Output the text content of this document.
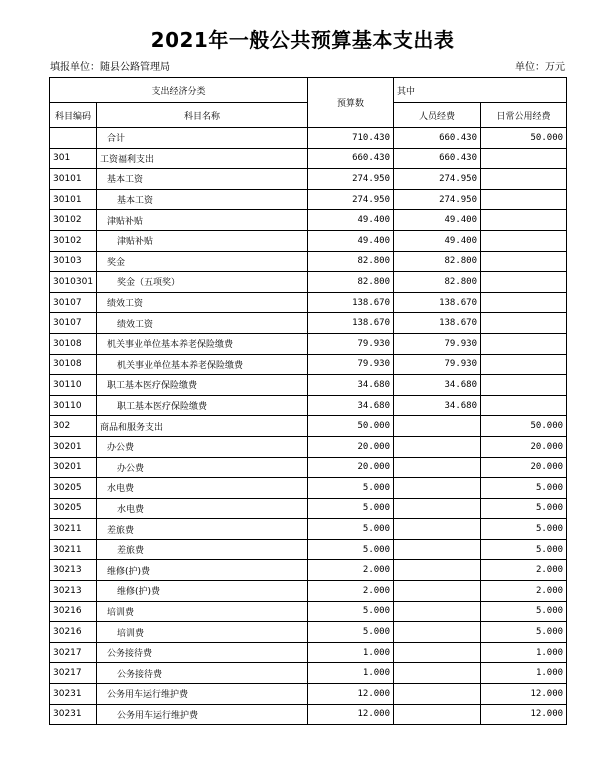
2021年一般公共预算基本支出表
填报单位：随县公路管理局	单位：万元
支出经济分类		预算数	其中	
科目编码	科目名称		人员经费	日常公用经费
	合计	710.430	660.430	50.000
301	工资福利支出	660.430	660.430	
30101	基本工资	274.950	274.950	
30101	基本工资	274.950	274.950	
30102	津贴补贴	49.400	49.400	
30102	津贴补贴	49.400	49.400	
30103	奖金	82.800	82.800	
3010301	奖金（五项奖）	82.800	82.800	
30107	绩效工资	138.670	138.670	
30107	绩效工资	138.670	138.670	
30108	机关事业单位基本养老保险缴费	79.930	79.930	
30108	机关事业单位基本养老保险缴费	79.930	79.930	
30110	职工基本医疗保险缴费	34.680	34.680	
30110	职工基本医疗保险缴费	34.680	34.680	
302	商品和服务支出	50.000		50.000
30201	办公费	20.000		20.000
30201	办公费	20.000		20.000
30205	水电费	5.000		5.000
30205	水电费	5.000		5.000
30211	差旅费	5.000		5.000
30211	差旅费	5.000		5.000
30213	维修(护)费	2.000		2.000
30213	维修(护)费	2.000		2.000
30216	培训费	5.000		5.000
30216	培训费	5.000		5.000
30217	公务接待费	1.000		1.000
30217	公务接待费	1.000		1.000
30231	公务用车运行维护费	12.000		12.000
30231	公务用车运行维护费	12.000		12.000
